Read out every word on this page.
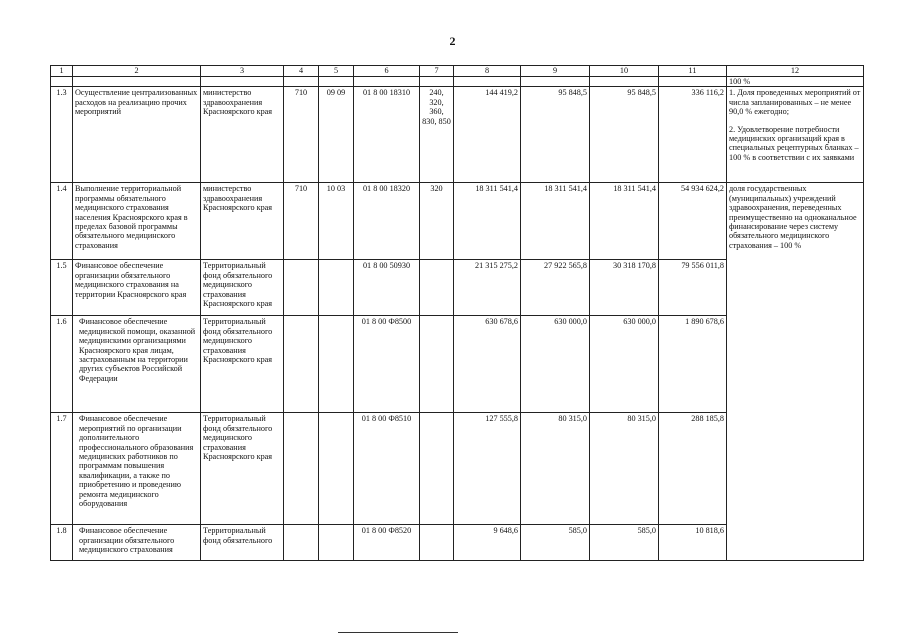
2
1	2	3	4	5	6	7	8	9	10	11	12
											100 %
1.3	Осуществление централизованных расходов на реализацию прочих мероприятий	министерство здравоохранения Красноярского края	710	09 09	01 8 00 18310	240, 320, 360, 830, 850	144 419,2	95 848,5	95 848,5	336 116,2	1. Доля проведенных мероприятий от числа запланированных – не менее 90,0 % ежегодно;
2. Удовлетворение потребности медицинских организаций края в специальных рецептурных бланках – 100 % в соответствии с их заявками

1.4	Выполнение территориальной программы обязательного медицинского страхования населения Красноярского края в пределах базовой программы обязательного медицинского страхования	министерство здравоохранения Красноярского края	710	10 03	01 8 00 18320	320	18 311 541,4	18 311 541,4	18 311 541,4	54 934 624,2	доля государственных (муниципальных) учреждений здравоохранения, переведенных преимущественно на одноканальное финансирование через систему обязательного медицинского страхования – 100 %
1.5	Финансовое обеспечение организации обязательного медицинского страхования на территории Красноярского края	Территориальный фонд обязательного медицинского страхования Красноярского края			01 8 00 50930		21 315 275,2	27 922 565,8	30 318 170,8	79 556 011,8	
1.6	Финансовое обеспечение медицинской помощи, оказанной медицинскими организациями Красноярского края лицам, застрахованным на территории других субъектов Российской Федерации	Территориальный фонд обязательного медицинского страхования Красноярского края			01 8 00 Ф8500		630 678,6	630 000,0	630 000,0	1 890 678,6	
1.7	Финансовое обеспечение мероприятий по организации дополнительного профессионального образования медицинских работников по программам повышения квалификации, а также по приобретению и проведению ремонта медицинского оборудования	Территориальный фонд обязательного медицинского страхования Красноярского края			01 8 00 Ф8510		127 555,8	80 315,0	80 315,0	288 185,8	
1.8	Финансовое обеспечение организации обязательного медицинского страхования	Территориальный фонд обязательного			01 8 00 Ф8520		9 648,6	585,0	585,0	10 818,6	
